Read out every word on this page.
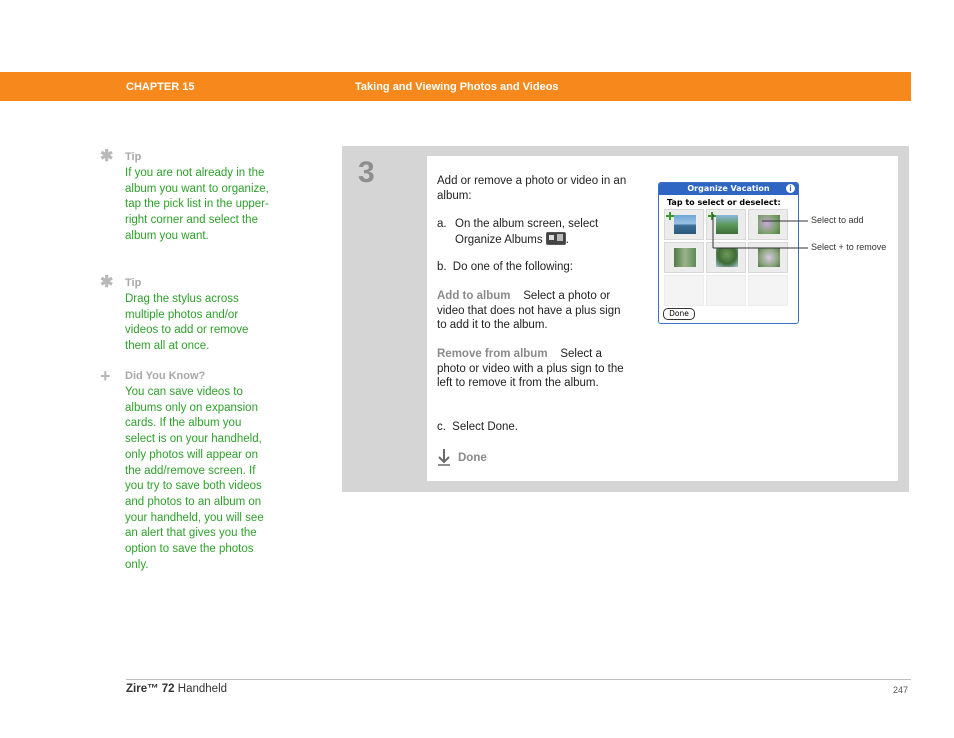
CHAPTER 15	Taking and Viewing Photos and Videos
✱ Tip
If you are not already in the album you want to organize, tap the pick list in the upper-right corner and select the album you want.
✱ Tip
Drag the stylus across multiple photos and/or videos to add or remove them all at once.
+	Did You Know?
You can save videos to albums only on expansion cards. If the album you select is on your handheld, only photos will appear on the add/remove screen. If you try to save both videos and photos to an album on your handheld, you will see an alert that gives you the option to save the photos only.
3	Add or remove a photo or video in an album:
a. On the album screen, select Organize Albums .
b. Do one of the following:
Add to album Select a photo or video that does not have a plus sign to add it to the album.
Remove from album Select a photo or video with a plus sign to the left to remove it from the album.
c. Select Done.
Done
Organize Vacation	i
Tap to select or deselect:
Done
Select to add
Select + to remove
Zire™ 72 Handheld	247
